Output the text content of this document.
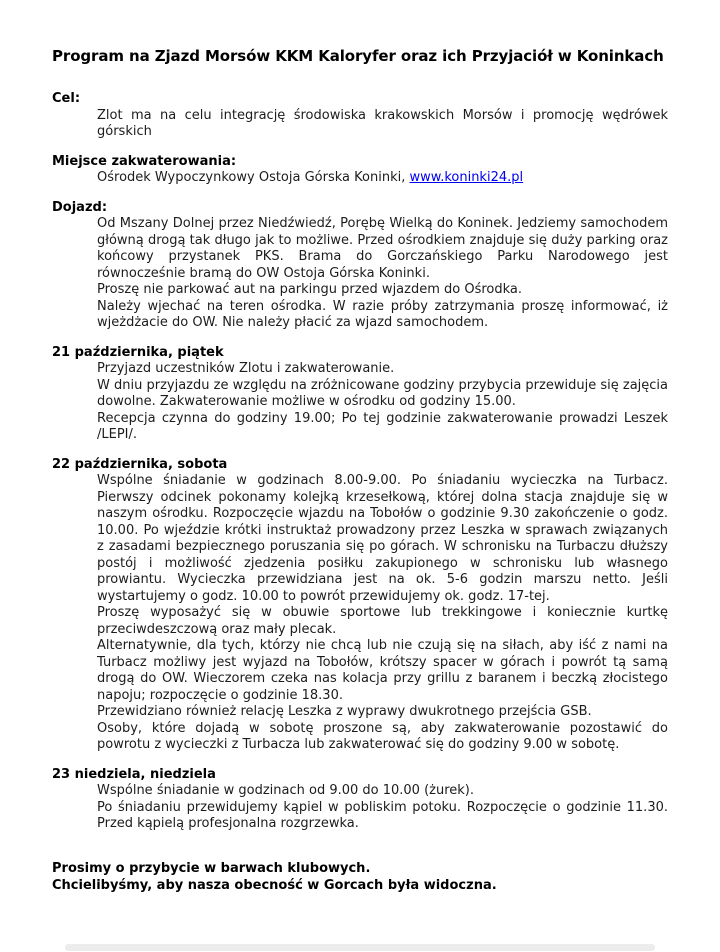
Program na Zjazd Morsów KKM Kaloryfer oraz ich Przyjaciół w Koninkach
Cel:

Zlot ma na celu integrację środowiska krakowskich Morsów i promocję wędrówek górskich

Miejsce zakwaterowania:

Ośrodek Wypoczynkowy Ostoja Górska Koninki, www.koninki24.pl

Dojazd:

Od Mszany Dolnej przez Niedźwiedź, Porębę Wielką do Koninek. Jedziemy samochodem główną drogą tak długo jak to możliwe. Przed ośrodkiem znajduje się duży parking oraz końcowy przystanek PKS. Brama do Gorczańskiego Parku Narodowego jest równocześnie bramą do OW Ostoja Górska Koninki.

Proszę nie parkować aut na parkingu przed wjazdem do Ośrodka.

Należy wjechać na teren ośrodka. W razie próby zatrzymania proszę informować, iż wjeżdżacie do OW. Nie należy płacić za wjazd samochodem.

21 października, piątek

Przyjazd uczestników Zlotu i zakwaterowanie.

W dniu przyjazdu ze względu na zróżnicowane godziny przybycia przewiduje się zajęcia dowolne. Zakwaterowanie możliwe w ośrodku od godziny 15.00.

Recepcja czynna do godziny 19.00; Po tej godzinie zakwaterowanie prowadzi Leszek /LEPI/.

22 października, sobota

Wspólne śniadanie w godzinach 8.00-9.00. Po śniadaniu wycieczka na Turbacz. Pierwszy odcinek pokonamy kolejką krzesełkową, której dolna stacja znajduje się w naszym ośrodku. Rozpoczęcie wjazdu na Tobołów o godzinie 9.30 zakończenie o godz. 10.00. Po wjeździe krótki instruktaż prowadzony przez Leszka w sprawach związanych z zasadami bezpiecznego poruszania się po górach. W schronisku na Turbaczu dłuższy postój i możliwość zjedzenia posiłku zakupionego w schronisku lub własnego prowiantu. Wycieczka przewidziana jest na ok. 5-6 godzin marszu netto. Jeśli wystartujemy o godz. 10.00 to powrót przewidujemy ok. godz. 17-tej.

Proszę wyposażyć się w obuwie sportowe lub trekkingowe i koniecznie kurtkę przeciwdeszczową oraz mały plecak.

Alternatywnie, dla tych, którzy nie chcą lub nie czują się na siłach, aby iść z nami na Turbacz możliwy jest wyjazd na Tobołów, krótszy spacer w górach i powrót tą samą drogą do OW. Wieczorem czeka nas kolacja przy grillu z baranem i beczką złocistego napoju; rozpoczęcie o godzinie 18.30.

Przewidziano również relację Leszka z wyprawy dwukrotnego przejścia GSB.

Osoby, które dojadą w sobotę proszone są, aby zakwaterowanie pozostawić do powrotu z wycieczki z Turbacza lub zakwaterować się do godziny 9.00 w sobotę.

23 niedziela, niedziela

Wspólne śniadanie w godzinach od 9.00 do 10.00 (żurek).

Po śniadaniu przewidujemy kąpiel w pobliskim potoku. Rozpoczęcie o godzinie 11.30. Przed kąpielą profesjonalna rozgrzewka.

Prosimy o przybycie w barwach klubowych.

Chcielibyśmy, aby nasza obecność w Gorcach była widoczna.
